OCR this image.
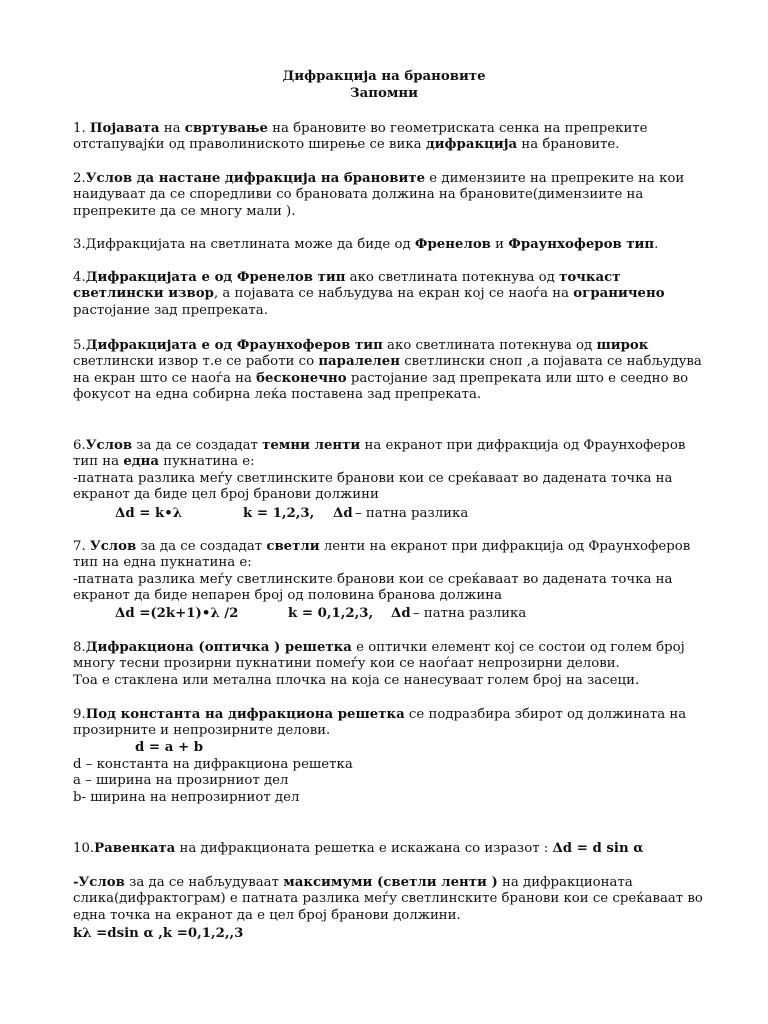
Дифракција на брановите
Запомни

1. Појавата на свртување на брановите во геометриската сенка на препреките отстапувајќи од праволиниското ширење се вика дифракција на брановите.

2.Услов да настане дифракција на брановите е димензиите на препреките на кои наидуваат да се споредливи со брановата должина на брановите(димензиите на препреките да се многу мали ).

3.Дифракцијата на светлината може да биде од Френелов и Фраунхоферов тип.

4.Дифракцијата е од Френелов тип ако светлината потекнува од точкаст светлински извор, а појавата се набљудува на екран кој се наоѓа на ограничено растојание зад препреката.

5.Дифракцијата е од Фраунхоферов тип ако светлината потекнува од широк светлински извор т.е се работи со паралелен светлински сноп ,а појавата се набљудува на екран што се наоѓа на бесконечно растојание зад препреката или што е сеедно во фокусот на една собирна леќа поставена зад препреката.

6.Услов за да се создадат темни ленти на екранот при дифракција од Фраунхоферов тип на една пукнатина е:

-патната разлика меѓу светлинските бранови кои се среќаваат во дадената точка на екранот да биде цел број бранови должини

Δd = k•λ	k = 1,2,3, Δd – патна разлика

7. Услов за да се создадат светли ленти на екранот при дифракција од Фраунхоферов тип на една пукнатина е:

-патната разлика меѓу светлинските бранови кои се среќаваат во дадената точка на екранот да биде непарен број од половина бранова должина

Δd =(2k+1)•λ /2	k = 0,1,2,3, Δd – патна разлика

8.Дифракциона (оптичка ) решетка е оптички елемент кој се состои од голем број многу тесни прозирни пукнатини помеѓу кои се наоѓаат непрозирни делови.

Тоа е стаклена или метална плочка на која се нанесуваат голем број на засеци.

9.Под константа на дифракциона решетка се подразбира збирот од должината на прозирните и непрозирните делови.

d = a + b

d – константа на дифракциона решетка

a – ширина на прозирниот дел

b- ширина на непрозирниот дел

10.Равенката на дифракционата решетка е искажана со изразот : Δd = d sin α

-Услов за да се набљудуваат максимуми (светли ленти ) на дифракционата слика(дифрактограм) е патната разлика меѓу светлинските бранови кои се среќаваат во една точка на екранот да е цел број бранови должини.

kλ =dsin α ,k =0,1,2,,3
